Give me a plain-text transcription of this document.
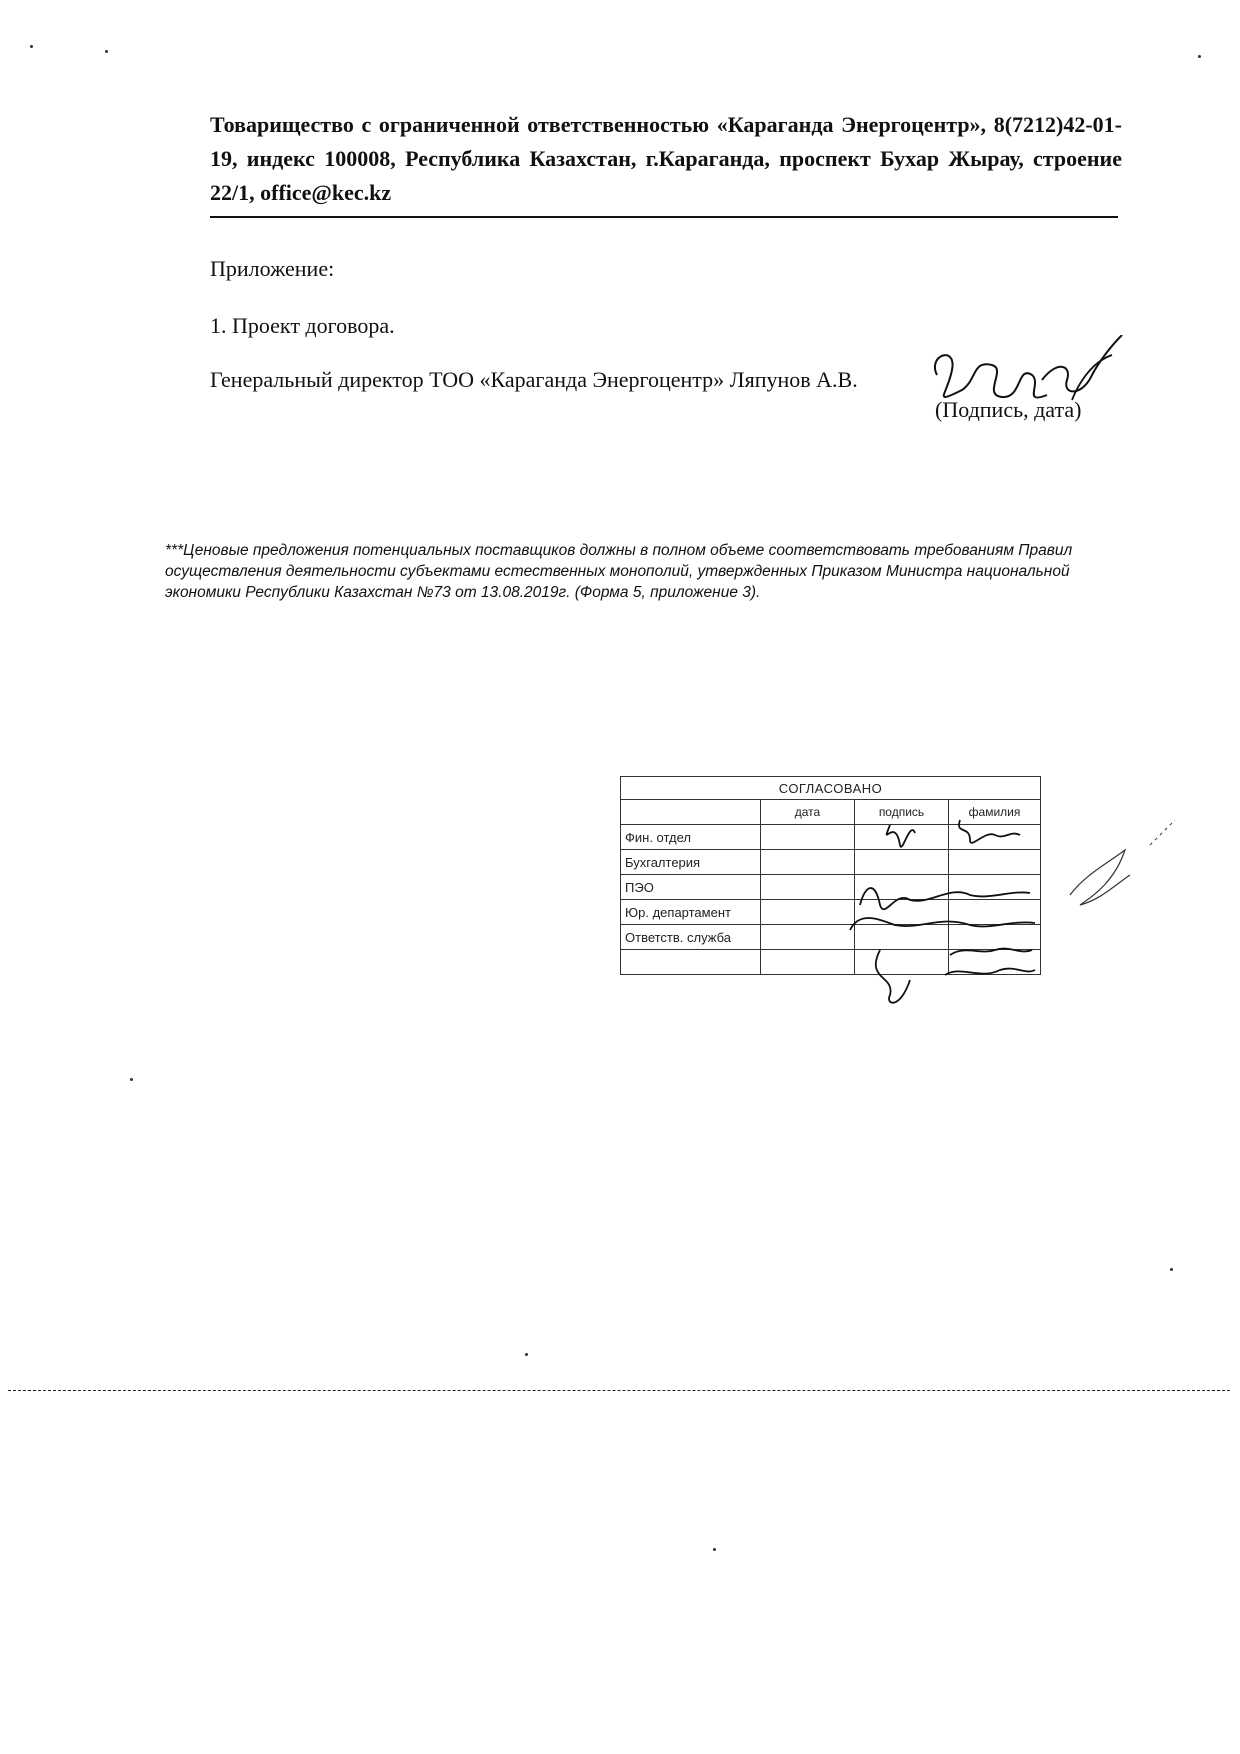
Товарищество с ограниченной ответственностью «Караганда Энергоцентр», 8(7212)42-01-19, индекс 100008, Республика Казахстан, г.Караганда, проспект Бухар Жырау, строение 22/1, office@kec.kz
Приложение:
1. Проект договора.
Генеральный директор ТОО «Караганда Энергоцентр» Ляпунов А.В.
(Подпись, дата)
***Ценовые предложения потенциальных поставщиков должны в полном объеме соответствовать требованиям Правил осуществления деятельности субъектами естественных монополий, утвержденных Приказом Министра национальной экономики Республики Казахстан №73 от 13.08.2019г. (Форма 5, приложение 3).
СОГЛАСОВАНО			
	дата	подпись	фамилия
Фин. отдел			
Бухгалтерия			
ПЭО			
Юр. департамент			
Ответств. служба			
